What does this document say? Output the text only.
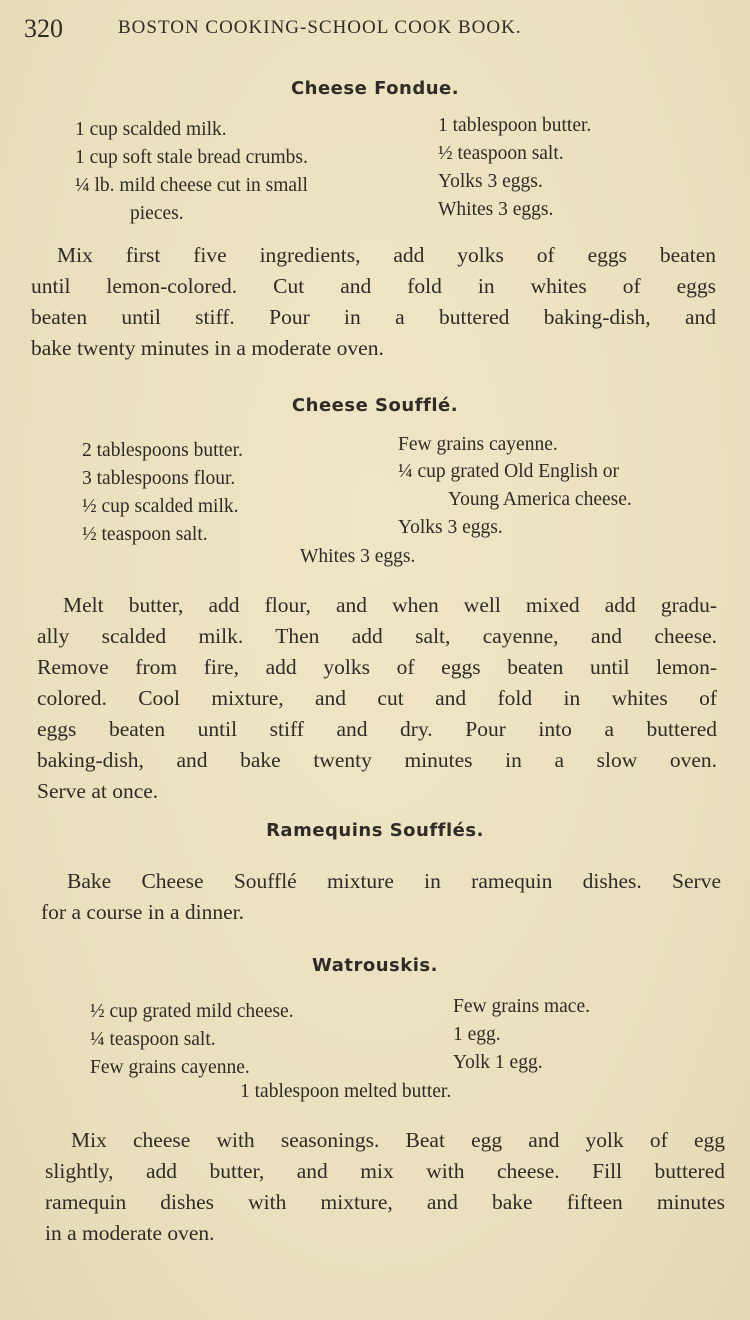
320	BOSTON COOKING-SCHOOL COOK BOOK.
Cheese Fondue.
1 cup scalded milk.
1 cup soft stale bread crumbs.
¼ lb. mild cheese cut in small
pieces.
1 tablespoon butter.
½ teaspoon salt.
Yolks 3 eggs.
Whites 3 eggs.
Mix first five ingredients, add yolks of eggs beaten
until lemon-colored. Cut and fold in whites of eggs
beaten until stiff. Pour in a buttered baking-dish, and
bake twenty minutes in a moderate oven.
Cheese Soufflé.
2 tablespoons butter.
3 tablespoons flour.
½ cup scalded milk.
½ teaspoon salt.
Few grains cayenne.
¼ cup grated Old English or
Young America cheese.
Yolks 3 eggs.
Whites 3 eggs.
Melt butter, add flour, and when well mixed add gradu-
ally scalded milk. Then add salt, cayenne, and cheese.
Remove from fire, add yolks of eggs beaten until lemon-
colored. Cool mixture, and cut and fold in whites of
eggs beaten until stiff and dry. Pour into a buttered
baking-dish, and bake twenty minutes in a slow oven.
Serve at once.
Ramequins Soufflés.
Bake Cheese Soufflé mixture in ramequin dishes. Serve
for a course in a dinner.
Watrouskis.
½ cup grated mild cheese.
¼ teaspoon salt.
Few grains cayenne.
Few grains mace.
1 egg.
Yolk 1 egg.
1 tablespoon melted butter.
Mix cheese with seasonings. Beat egg and yolk of egg
slightly, add butter, and mix with cheese. Fill buttered
ramequin dishes with mixture, and bake fifteen minutes
in a moderate oven.
